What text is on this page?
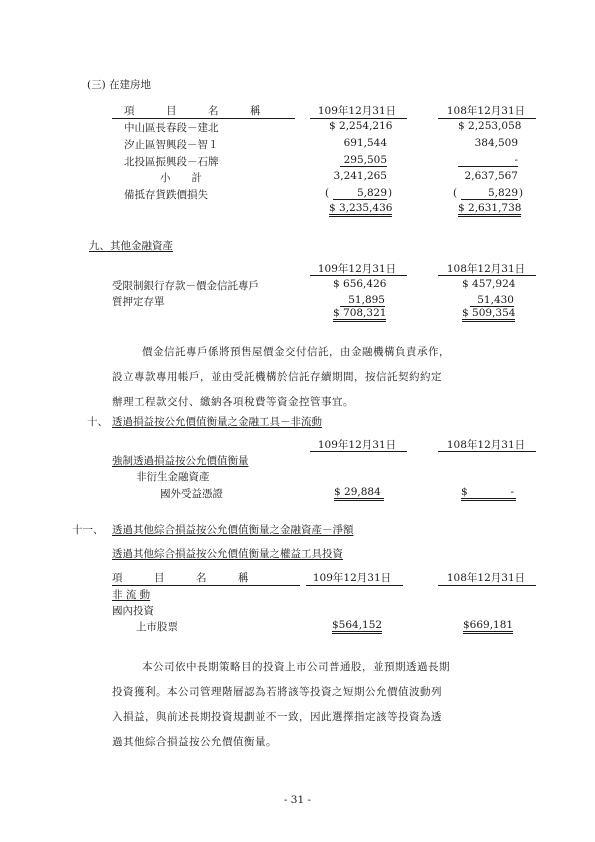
(三) 在建房地
項　　　目　　　名　　　稱	109年12月31日	108年12月31日
中山區長春段－建北	$ 2,254,216	$ 2,253,058
汐止區智興段－智１	691,544	384,509
北投區振興段－石牌	295,505	-
小　　計	3,241,265	2,637,567
備抵存貨跌價損失	(	5,829 )	(	5,829 )
$ 3,235,436	$ 2,631,738
九、其他金融資產
109年12月31日	108年12月31日
受限制銀行存款－價金信託專戶	$ 656,426	$ 457,924
質押定存單	51,895	51,430
$ 708,321	$ 509,354
價金信託專戶係將預售屋價金交付信託，由金融機構負責承作，
設立專款專用帳戶，並由受託機構於信託存續期間，按信託契約約定
辦理工程款交付、繳納各項稅費等資金控管事宜。
十、 透過損益按公允價值衡量之金融工具－非流動
109年12月31日	108年12月31日
強制透過損益按公允價值衡量
非衍生金融資產
國外受益憑證	$ 29,884	$	-
十一、 透過其他綜合損益按公允價值衡量之金融資產－淨額
透過其他綜合損益按公允價值衡量之權益工具投資
項　　　目　　　名　　　稱	109年12月31日	108年12月31日
非 流 動
國內投資
上市股票	$564,152	$669,181
本公司依中長期策略目的投資上市公司普通股，並預期透過長期
投資獲利。本公司管理階層認為若將該等投資之短期公允價值波動列
入損益，與前述長期投資規劃並不一致，因此選擇指定該等投資為透
過其他綜合損益按公允價值衡量。
- 31 -
